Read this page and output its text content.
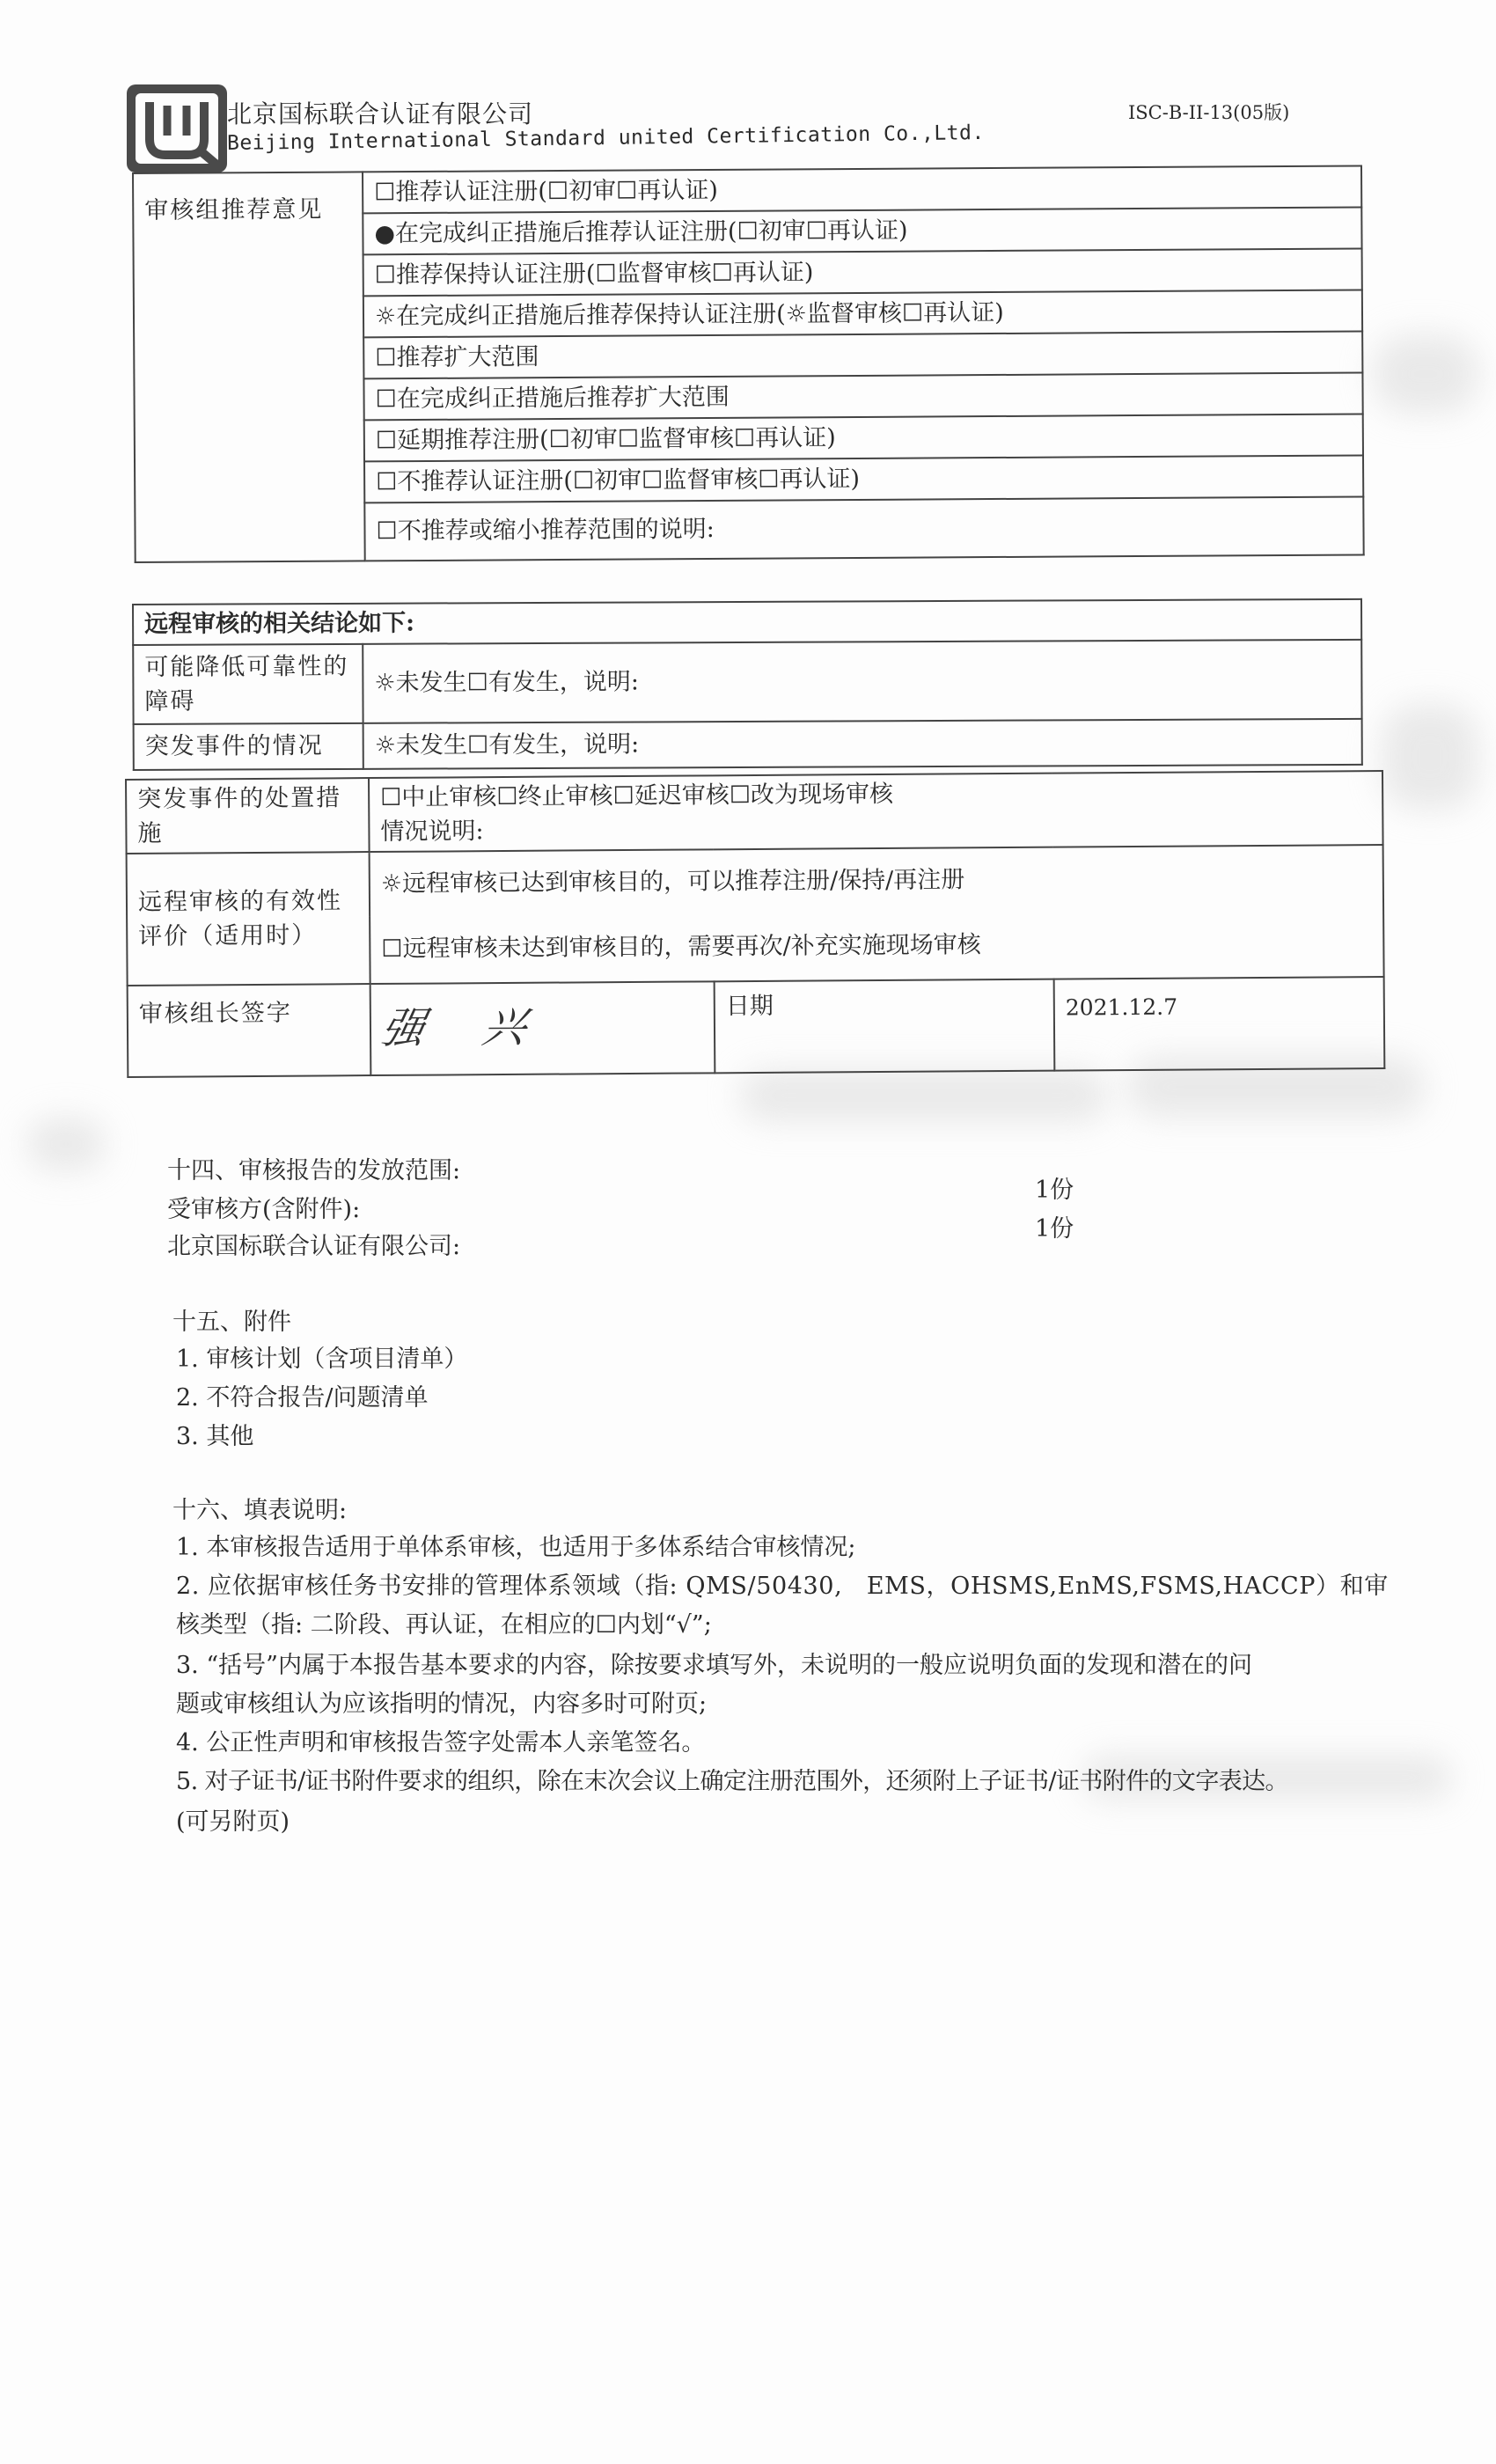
北京国标联合认证有限公司
Beijing International Standard united Certification Co.,Ltd.
ISC-B-II-13(05版)
审核组推荐意见	☐推荐认证注册(☐初审☐再认证)
●在完成纠正措施后推荐认证注册(☐初审☐再认证)
☐推荐保持认证注册(☐监督审核☐再认证)
☼在完成纠正措施后推荐保持认证注册(☼监督审核☐再认证)
☐推荐扩大范围
☐在完成纠正措施后推荐扩大范围
☐延期推荐注册(☐初审☐监督审核☐再认证)
☐不推荐认证注册(☐初审☐监督审核☐再认证)
☐不推荐或缩小推荐范围的说明:
远程审核的相关结论如下:	
可能降低可靠性的障碍	☼未发生☐有发生，说明:
突发事件的情况	☼未发生☐有发生，说明:
突发事件的处置措施	☐中止审核☐终止审核☐延迟审核☐改为现场审核
情况说明:		

远程审核的有效性评价（适用时）	☼远程审核已达到审核目的，可以推荐注册/保持/再注册		
	☐远程审核未达到审核目的，需要再次/补充实施现场审核		
审核组长签字	强 兴	日期	2021.12.7
十四、审核报告的发放范围:
受审核方(含附件):
1份
北京国标联合认证有限公司:
1份
十五、附件
1. 审核计划（含项目清单）
2. 不符合报告/问题清单
3. 其他
十六、填表说明:
1. 本审核报告适用于单体系审核，也适用于多体系结合审核情况;
2. 应依据审核任务书安排的管理体系领域（指: QMS/50430,　EMS，OHSMS,EnMS,FSMS,HACCP）和审
核类型（指: 二阶段、再认证，在相应的☐内划“√”;
3. “括号”内属于本报告基本要求的内容，除按要求填写外，未说明的一般应说明负面的发现和潜在的问
题或审核组认为应该指明的情况，内容多时可附页;
4. 公正性声明和审核报告签字处需本人亲笔签名。
5. 对子证书/证书附件要求的组织，除在末次会议上确定注册范围外，还须附上子证书/证书附件的文字表达。
(可另附页)
